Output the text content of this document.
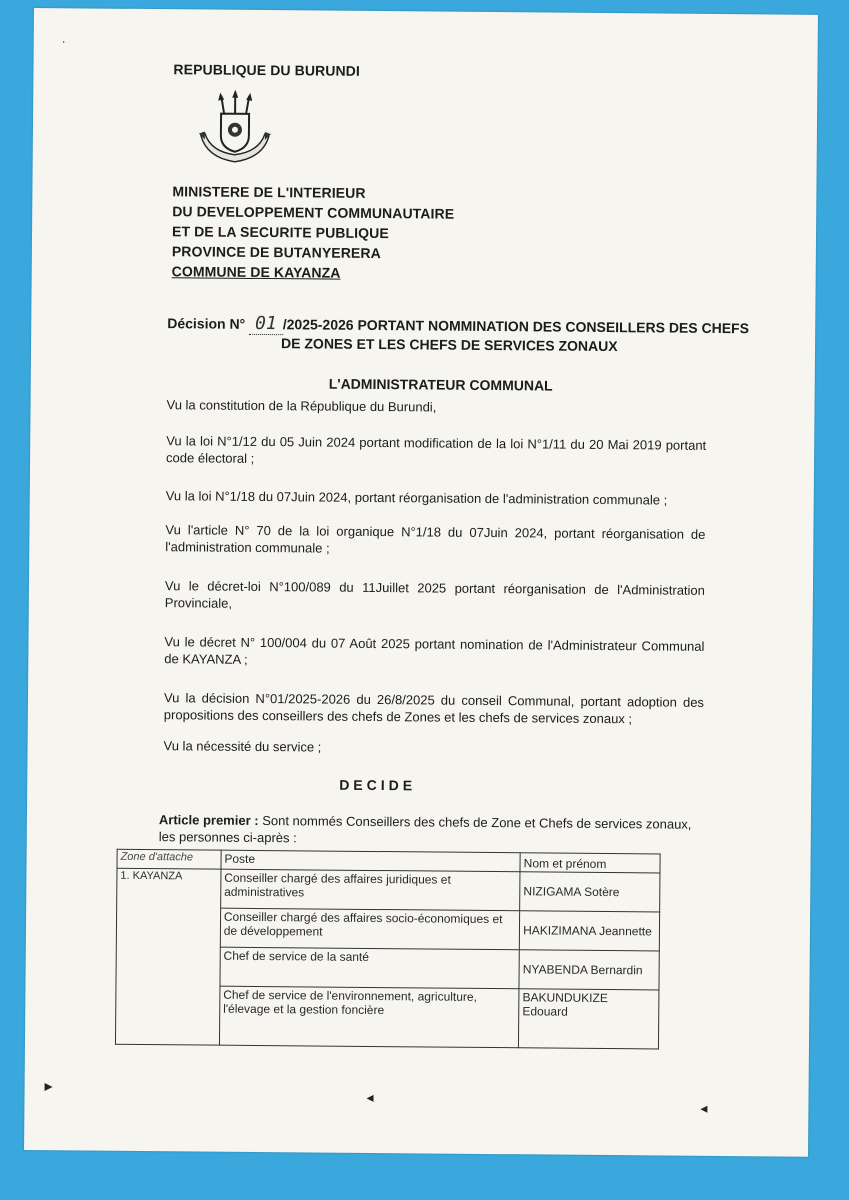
REPUBLIQUE DU BURUNDI
MINISTERE DE L'INTERIEUR
DU DEVELOPPEMENT COMMUNAUTAIRE
ET DE LA SECURITE PUBLIQUE
PROVINCE DE BUTANYERERA
COMMUNE DE KAYANZA
Décision N° 01 /2025-2026 PORTANT NOMMINATION DES CONSEILLERS DES CHEFS
DE ZONES ET LES CHEFS DE SERVICES ZONAUX
L'ADMINISTRATEUR COMMUNAL
Vu la constitution de la République du Burundi,
Vu la loi N°1/12 du 05 Juin 2024 portant modification de la loi N°1/11 du 20 Mai 2019 portant code électoral ;
Vu la loi N°1/18 du 07Juin 2024, portant réorganisation de l'administration communale ;
Vu l'article N° 70 de la loi organique N°1/18 du 07Juin 2024, portant réorganisation de l'administration communale ;
Vu le décret-loi N°100/089 du 11Juillet 2025 portant réorganisation de l'Administration Provinciale,
Vu le décret N° 100/004 du 07 Août 2025 portant nomination de l'Administrateur Communal de KAYANZA ;
Vu la décision N°01/2025-2026 du 26/8/2025 du conseil Communal, portant adoption des propositions des conseillers des chefs de Zones et les chefs de services zonaux ;
Vu la nécessité du service ;
DECIDE
Article premier : Sont nommés Conseillers des chefs de Zone et Chefs de services zonaux, les personnes ci-après :
Zone d'attache	Poste	Nom et prénom
1. KAYANZA	Conseiller chargé des affaires juridiques et administratives	NIZIGAMA Sotère
	Conseiller chargé des affaires socio-économiques et de développement	HAKIZIMANA Jeannette
	Chef de service de la santé	NYABENDA Bernardin
	Chef de service de l'environnement, agriculture, l'élevage et la gestion foncière	BAKUNDUKIZE Edouard
·
▸
◂
◂
